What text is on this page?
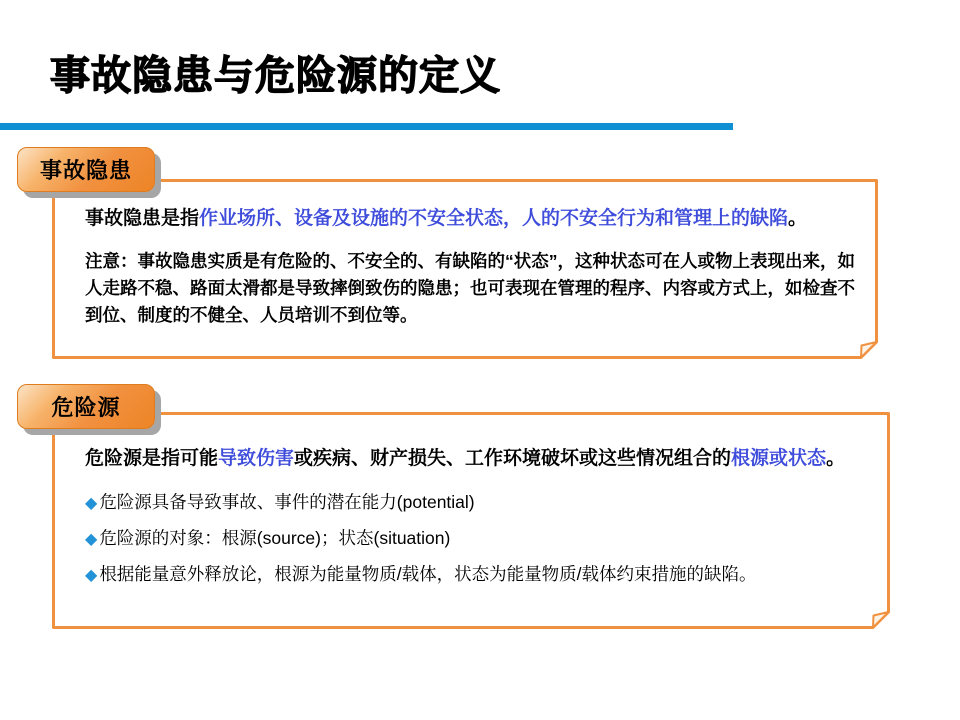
事故隐患与危险源的定义
事故隐患

事故隐患是指作业场所、设备及设施的不安全状态，人的不安全行为和管理上的缺陷。

注意：事故隐患实质是有危险的、不安全的、有缺陷的“状态”，这种状态可在人或物上表现出来，如人走路不稳、路面太滑都是导致摔倒致伤的隐患；也可表现在管理的程序、内容或方式上，如检查不到位、制度的不健全、人员培训不到位等。

危险源

危险源是指可能导致伤害或疾病、财产损失、工作环境破坏或这些情况组合的根源或状态。

◆ 危险源具备导致事故、事件的潜在能力(potential)
◆ 危险源的对象：根源(source)；状态(situation)
◆ 根据能量意外释放论，根源为能量物质/载体，状态为能量物质/载体约束措施的缺陷。
